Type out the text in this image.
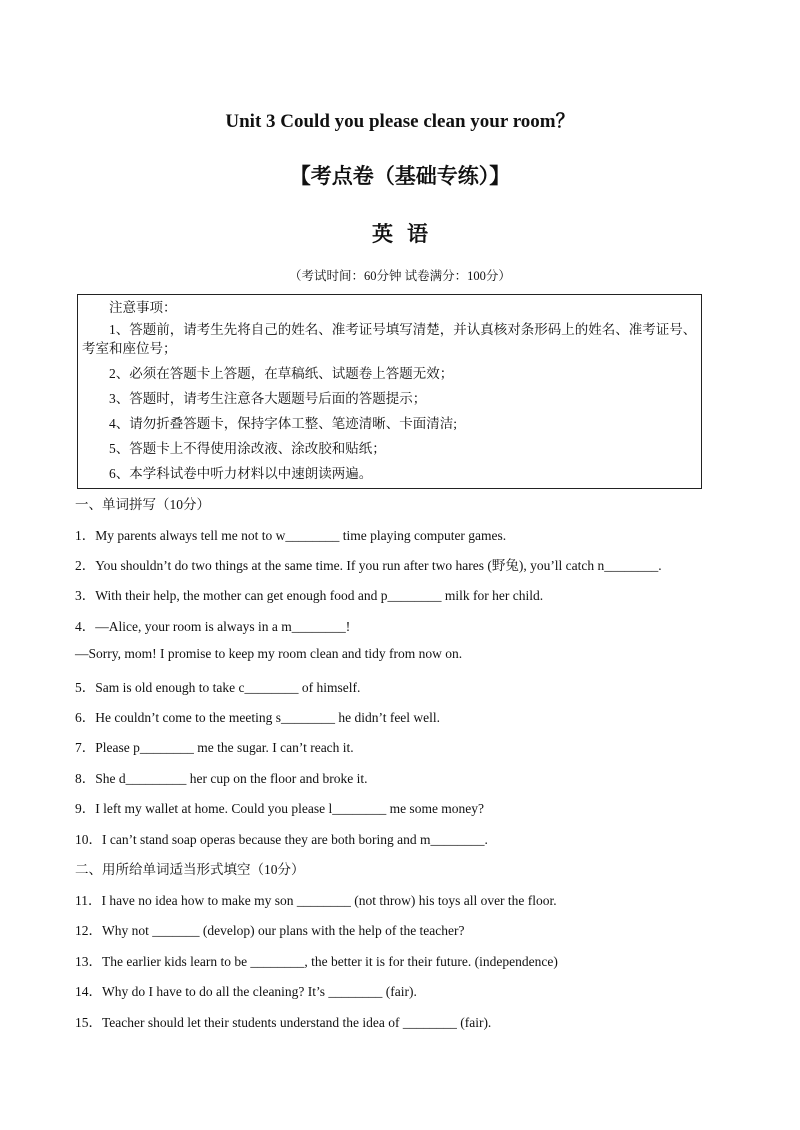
Unit 3 Could you please clean your room？
【考点卷（基础专练）】
英语
（考试时间：60分钟 试卷满分：100分）
注意事项：
1、答题前，请考生先将自己的姓名、准考证号填写清楚，并认真核对条形码上的姓名、准考证号、考室和座位号；
2、必须在答题卡上答题，在草稿纸、试题卷上答题无效；
3、答题时，请考生注意各大题题号后面的答题提示；
4、请勿折叠答题卡，保持字体工整、笔迹清晰、卡面清洁;
5、答题卡上不得使用涂改液、涂改胶和贴纸；
6、本学科试卷中听力材料以中速朗读两遍。
一、单词拼写（10分）
1．My parents always tell me not to w________ time playing computer games.
2．You shouldn’t do two things at the same time. If you run after two hares (野兔), you’ll catch n________.
3．With their help, the mother can get enough food and p________ milk for her child.
4．—Alice, your room is always in a m________!
—Sorry, mom! I promise to keep my room clean and tidy from now on.
5．Sam is old enough to take c________ of himself.
6．He couldn’t come to the meeting s________ he didn’t feel well.
7．Please p________ me the sugar. I can’t reach it.
8．She d_________ her cup on the floor and broke it.
9．I left my wallet at home. Could you please l________ me some money?
10．I can’t stand soap operas because they are both boring and m________.
二、用所给单词适当形式填空（10分）
11．I have no idea how to make my son ________ (not throw) his toys all over the floor.
12．Why not _______ (develop) our plans with the help of the teacher?
13．The earlier kids learn to be ________, the better it is for their future. (independence)
14．Why do I have to do all the cleaning? It’s ________ (fair).
15．Teacher should let their students understand the idea of ________ (fair).
